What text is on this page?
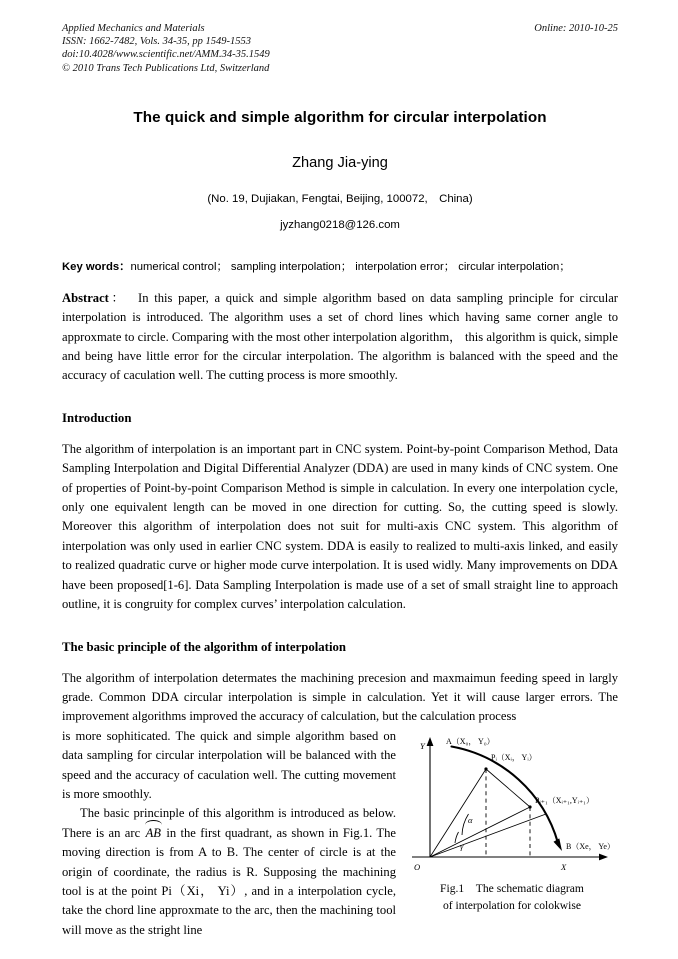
Online: 2010-10-25
Applied Mechanics and Materials
ISSN: 1662-7482, Vols. 34-35, pp 1549-1553
doi:10.4028/www.scientific.net/AMM.34-35.1549
© 2010 Trans Tech Publications Ltd, Switzerland
The quick and simple algorithm for circular interpolation
Zhang Jia-ying
(No. 19, Dujiakan, Fengtai, Beijing, 100072, China)
jyzhang0218@126.com
Key words：numerical control； sampling interpolation； interpolation error； circular interpolation；
Abstract： In this paper, a quick and simple algorithm based on data sampling principle for circular interpolation is introduced. The algorithm uses a set of chord lines which having same corner angle to approxmate to circle. Comparing with the most other interpolation algorithm， this algorithm is quick, simple and being have little error for the circular interpolation. The algorithm is balanced with the speed and the accuracy of caculation well. The cutting process is more smoothly.
Introduction

The algorithm of interpolation is an important part in CNC system. Point-by-point Comparison Method, Data Sampling Interpolation and Digital Differential Analyzer (DDA) are used in many kinds of CNC system. One of properties of Point-by-point Comparison Method is simple in calculation. In every one interpolation cycle, only one equivalent length can be moved in one direction for cutting. So, the cutting speed is slowly. Moreover this algorithm of interpolation does not suit for multi-axis CNC system. This algorithm of interpolation was only used in earlier CNC system. DDA is easily to realized to multi-axis linked, and easily to realized quadratic curve or higher mode curve interpolation. It is used widly. Many improvements on DDA have been proposed[1-6]. Data Sampling Interpolation is made use of a set of small straight line to approach outline, it is congruity for complex curves’ interpolation calculation.

The basic principle of the algorithm of interpolation

The algorithm of interpolation determates the machining precesion and maxmaimun feeding speed in largly grade. Common DDA circular interpolation is simple in calculation. Yet it will cause larger errors. The improvement algorithms improved the accuracy of calculation, but the calculation process

Y
X
O
A（X₀， Y₀）
Pᵢ（Xᵢ， Yᵢ）
Pᵢ₊₁（Xᵢ₊₁,Yᵢ₊₁）
B（Xe， Ye）
α
γ
Fig.1 The schematic diagram
of interpolation for colokwise

is more sophiticated. The quick and simple algorithm based on data sampling for circular interpolation will be balanced with the speed and the accuracy of caculation well. The cutting movement is more smoothly.
The basic princinple of this algorithm is introduced as below. There is an arc AB in the first quadrant, as shown in Fig.1. The moving direction is from A to B. The center of circle is at the origin of coordinate, the radius is R. Supposing the machining tool is at the point Pi（Xi， Yi）, and in a interpolation cycle, take the chord line approxmate to the arc, then the machining tool will move as the stright line
